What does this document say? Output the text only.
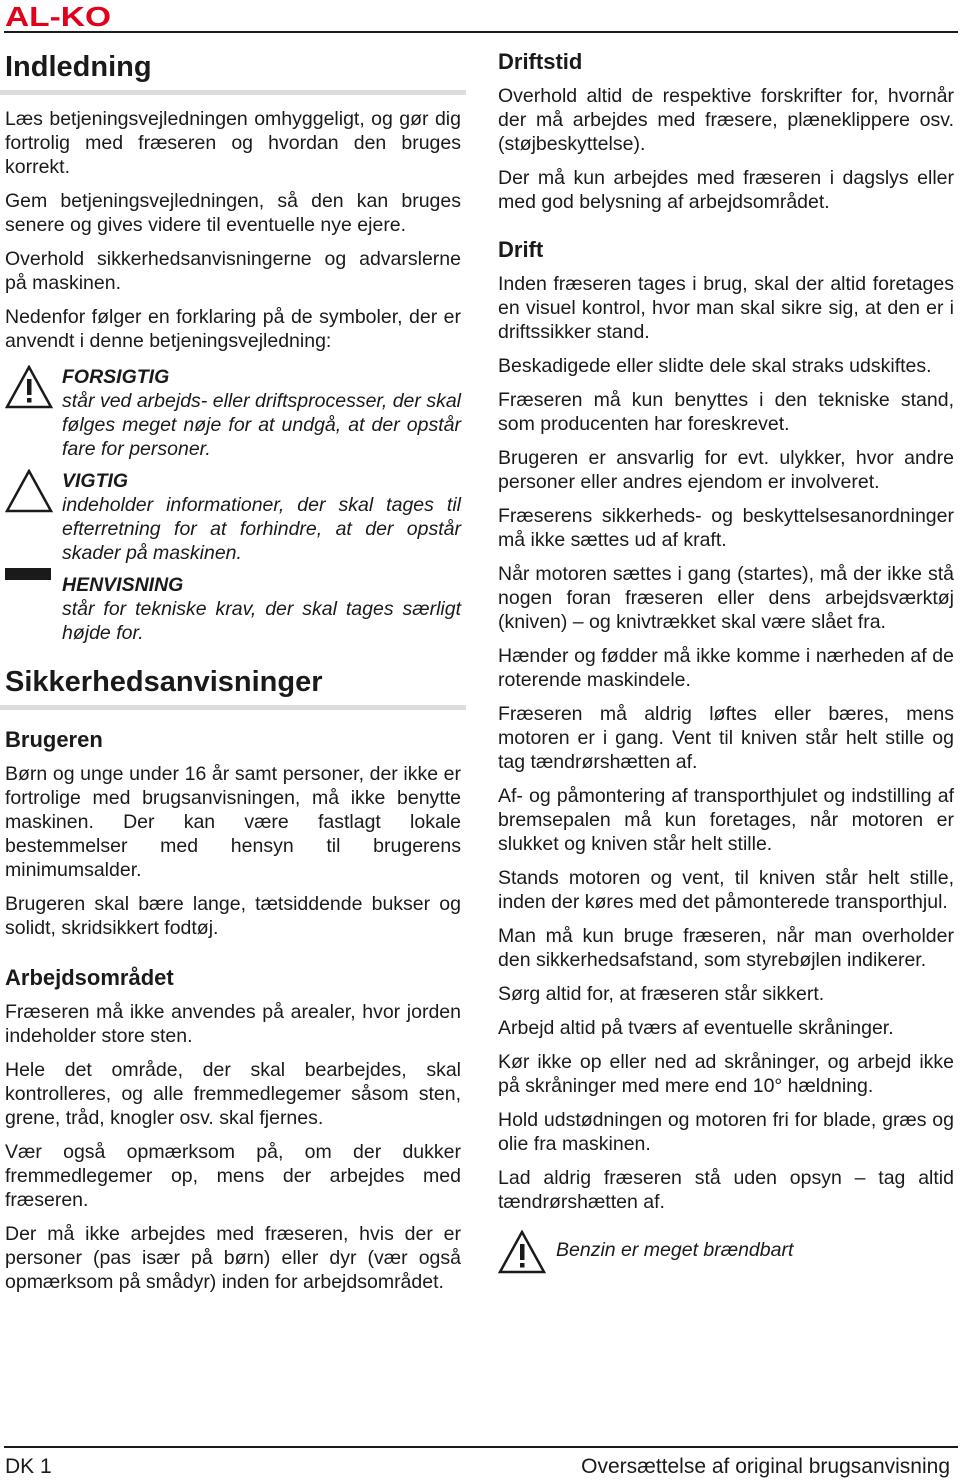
AL-KO
Indledning

Læs betjeningsvejledningen omhyggeligt, og gør dig fortrolig med fræseren og hvordan den bruges korrekt.

Gem betjeningsvejledningen, så den kan bruges senere og gives videre til eventuelle nye ejere.

Overhold sikkerhedsanvisningerne og advarslerne på maskinen.

Nedenfor følger en forklaring på de symboler, der er anvendt i denne betjeningsvejledning:

FORSIGTIG
står ved arbejds- eller driftsprocesser, der skal følges meget nøje for at undgå, at der opstår fare for personer.
VIGTIG
indeholder informationer, der skal tages til efterretning for at forhindre, at der opstår skader på maskinen.
HENVISNING
står for tekniske krav, der skal tages særligt højde for.
Sikkerhedsanvisninger
Brugeren

Børn og unge under 16 år samt personer, der ikke er fortrolige med brugsanvisningen, må ikke benytte maskinen. Der kan være fastlagt lokale bestemmelser med hensyn til brugerens minimumsalder.

Brugeren skal bære lange, tætsiddende bukser og solidt, skridsikkert fodtøj.

Arbejdsområdet

Fræseren må ikke anvendes på arealer, hvor jorden indeholder store sten.

Hele det område, der skal bearbejdes, skal kontrolleres, og alle fremmedlegemer såsom sten, grene, tråd, knogler osv. skal fjernes.

Vær også opmærksom på, om der dukker fremmedlegemer op, mens der arbejdes med fræseren.

Der må ikke arbejdes med fræseren, hvis der er personer (pas især på børn) eller dyr (vær også opmærksom på smådyr) inden for arbejdsområdet.

Driftstid

Overhold altid de respektive forskrifter for, hvornår der må arbejdes med fræsere, plæneklippere osv. (støjbeskyttelse).

Der må kun arbejdes med fræseren i dagslys eller med god belysning af arbejdsområdet.

Drift

Inden fræseren tages i brug, skal der altid foretages en visuel kontrol, hvor man skal sikre sig, at den er i driftssikker stand.

Beskadigede eller slidte dele skal straks udskiftes.

Fræseren må kun benyttes i den tekniske stand, som producenten har foreskrevet.

Brugeren er ansvarlig for evt. ulykker, hvor andre personer eller andres ejendom er involveret.

Fræserens sikkerheds- og beskyttelsesanordninger må ikke sættes ud af kraft.

Når motoren sættes i gang (startes), må der ikke stå nogen foran fræseren eller dens arbejdsværktøj (kniven) – og knivtrækket skal være slået fra.

Hænder og fødder må ikke komme i nærheden af de roterende maskindele.

Fræseren må aldrig løftes eller bæres, mens motoren er i gang. Vent til kniven står helt stille og tag tændrørshætten af.

Af- og påmontering af transporthjulet og indstilling af bremsepalen må kun foretages, når motoren er slukket og kniven står helt stille.

Stands motoren og vent, til kniven står helt stille, inden der køres med det påmonterede transporthjul.

Man må kun bruge fræseren, når man overholder den sikkerhedsafstand, som styrebøjlen indikerer.

Sørg altid for, at fræseren står sikkert.

Arbejd altid på tværs af eventuelle skråninger.

Kør ikke op eller ned ad skråninger, og arbejd ikke på skråninger med mere end 10° hældning.

Hold udstødningen og motoren fri for blade, græs og olie fra maskinen.

Lad aldrig fræseren stå uden opsyn – tag altid tændrørshætten af.

Benzin er meget brændbart
DK 1	Oversættelse af original brugsanvisning
